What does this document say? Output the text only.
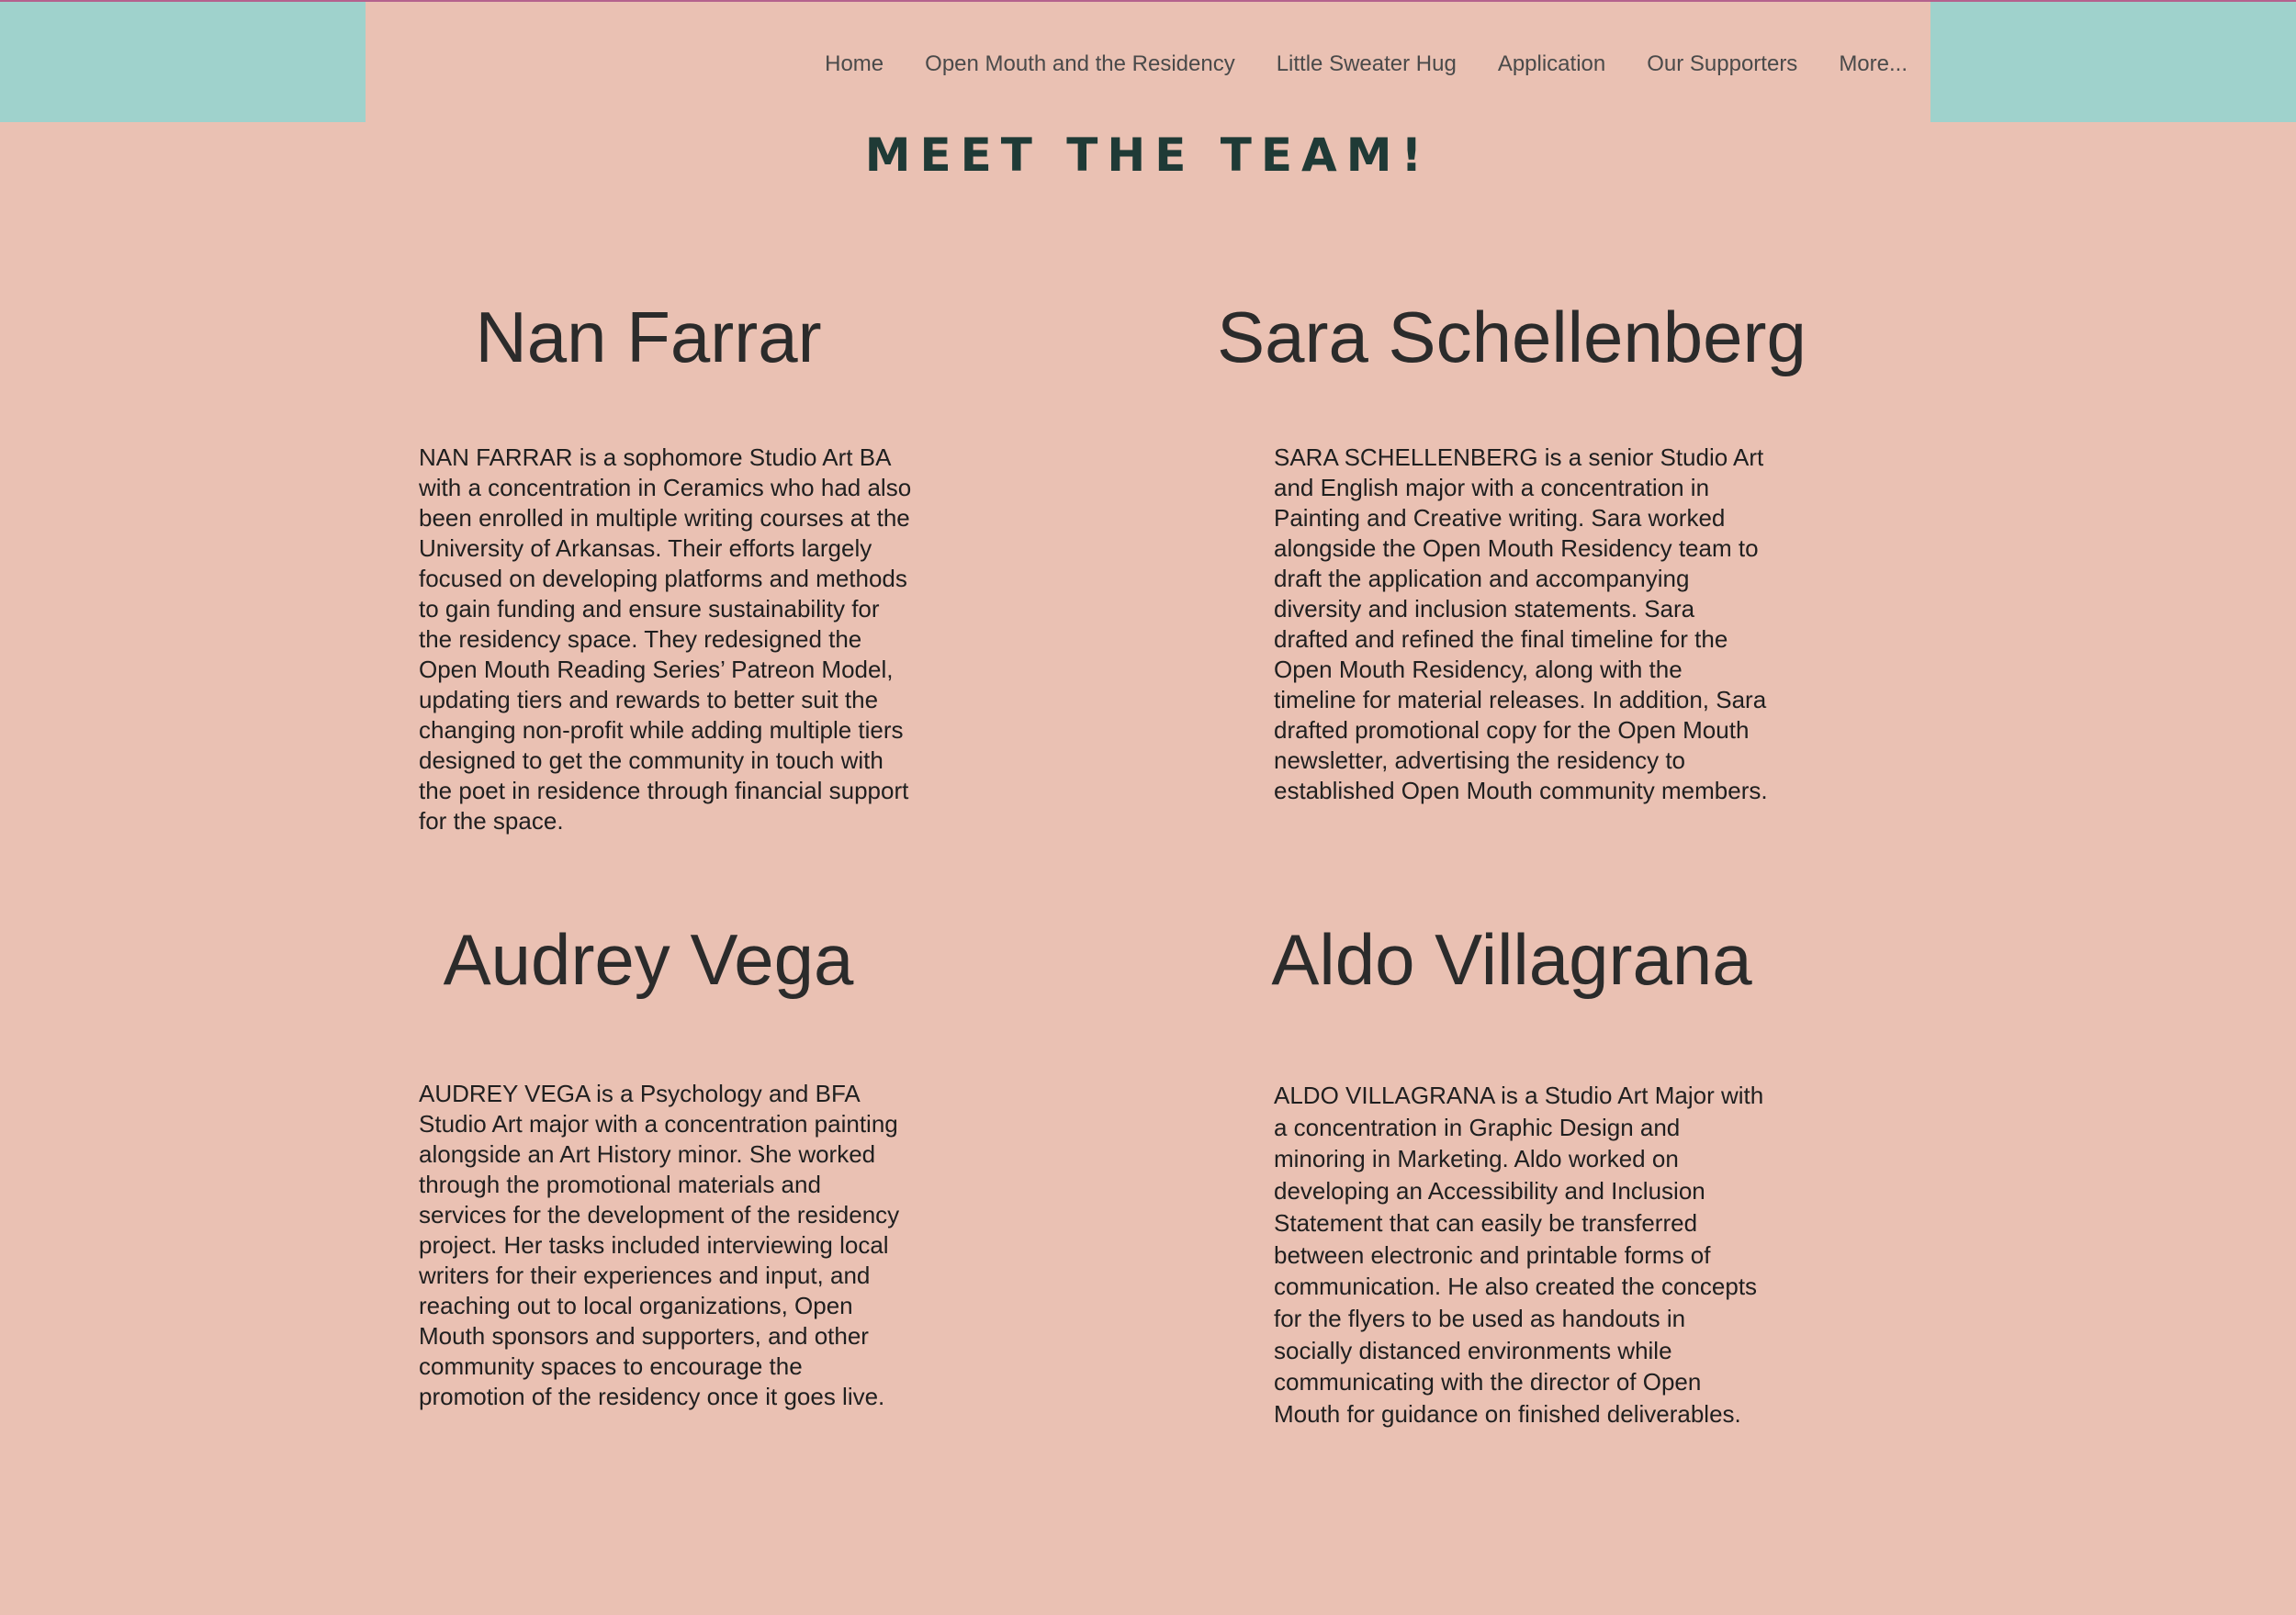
Home Open Mouth and the Residency Little Sweater Hug Application Our Supporters More...
MEET THE TEAM!
Nan Farrar

NAN FARRAR is a sophomore Studio Art BA with a concentration in Ceramics who had also been enrolled in multiple writing courses at the University of Arkansas. Their efforts largely focused on developing platforms and methods to gain funding and ensure sustainability for the residency space. They redesigned the Open Mouth Reading Series’ Patreon Model, updating tiers and rewards to better suit the changing non-profit while adding multiple tiers designed to get the community in touch with the poet in residence through financial support for the space.

Sara Schellenberg

SARA SCHELLENBERG is a senior Studio Art and English major with a concentration in Painting and Creative writing. Sara worked alongside the Open Mouth Residency team to draft the application and accompanying diversity and inclusion statements. Sara drafted and refined the final timeline for the Open Mouth Residency, along with the timeline for material releases. In addition, Sara drafted promotional copy for the Open Mouth newsletter, advertising the residency to established Open Mouth community members.

Audrey Vega

AUDREY VEGA is a Psychology and BFA Studio Art major with a concentration painting alongside an Art History minor. She worked through the promotional materials and services for the development of the residency project. Her tasks included interviewing local writers for their experiences and input, and reaching out to local organizations, Open Mouth sponsors and supporters, and other community spaces to encourage the promotion of the residency once it goes live.

Aldo Villagrana

ALDO VILLAGRANA is a Studio Art Major with a concentration in Graphic Design and minoring in Marketing. Aldo worked on developing an Accessibility and Inclusion Statement that can easily be transferred between electronic and printable forms of communication. He also created the concepts for the flyers to be used as handouts in socially distanced environments while communicating with the director of Open Mouth for guidance on finished deliverables.
